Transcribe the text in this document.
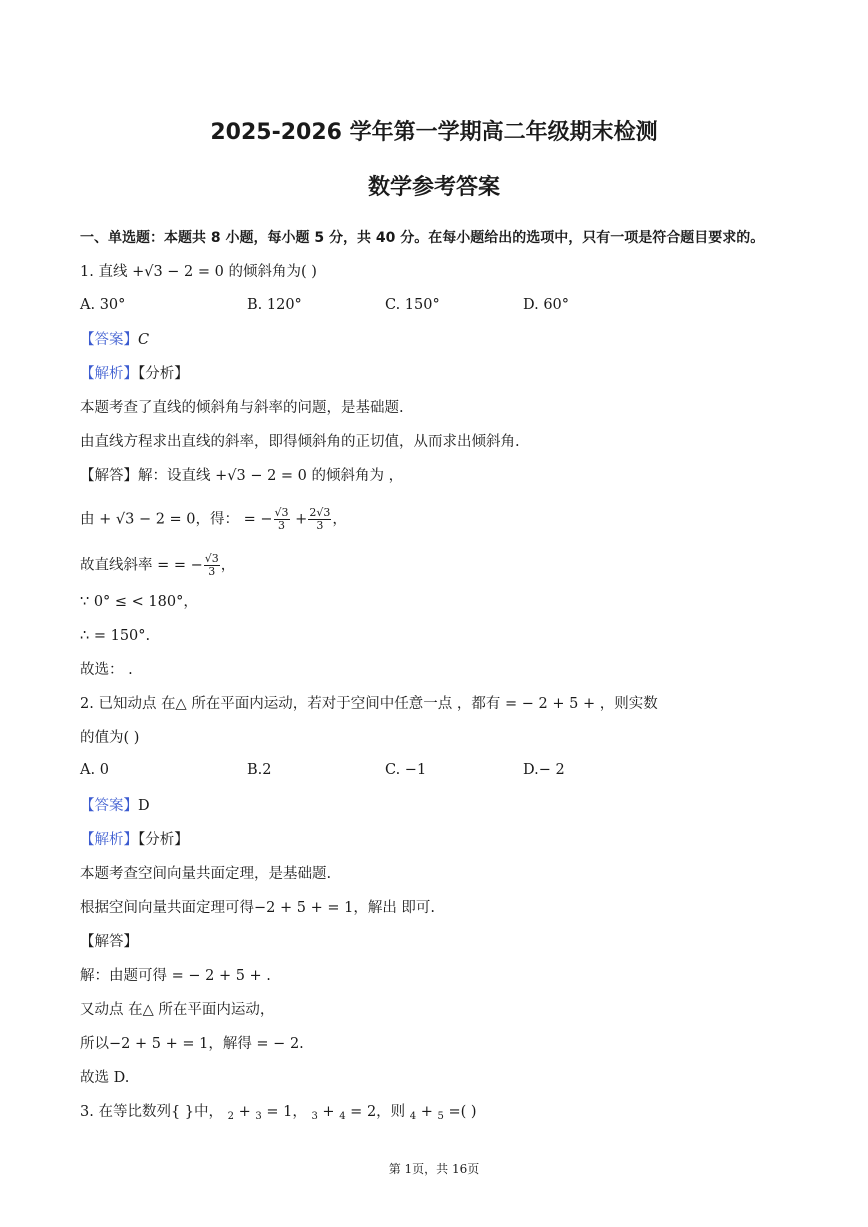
2025-2026 学年第一学期高二年级期末检测
数学参考答案
一、单选题：本题共 8 小题，每小题 5 分，共 40 分。在每小题给出的选项中，只有一项是符合题目要求的。
1. 直线 +√3 − 2 = 0 的倾斜角为( )
A. 30°	B. 120°	C. 150°	D. 60°
【答案】C
【解析】【分析】
本题考查了直线的倾斜角与斜率的问题，是基础题.
由直线方程求出直线的斜率，即得倾斜角的正切值，从而求出倾斜角.
【解答】解：设直线 +√3 − 2 = 0 的倾斜角为 ，
由 + √3 − 2 = 0，得： = − $\frac{√3}{3} + \frac{2√3}{3}$ ，
故直线斜率 = = − $\frac{√3}{3}$ ，
∵ 0° ≤ < 180°，
∴ = 150°.
故选： .
2. 已知动点 在△ 所在平面内运动，若对于空间中任意一点 ，都有 = − 2 + 5 + ，则实数
的值为( )
A. 0	B.2	C. −1	D.− 2
【答案】D
【解析】【分析】
本题考查空间向量共面定理，是基础题.
根据空间向量共面定理可得−2 + 5 + = 1，解出 即可.
【解答】
解：由题可得 = − 2 + 5 + .
又动点 在△ 所在平面内运动，
所以−2 + 5 + = 1，解得 = − 2.
故选 D.
3. 在等比数列{ }中， $_2$ + $_3$ = 1， $_3$ + $_4$ = 2，则 $_4$ + $_5$ =( )
第 1页，共 16页
